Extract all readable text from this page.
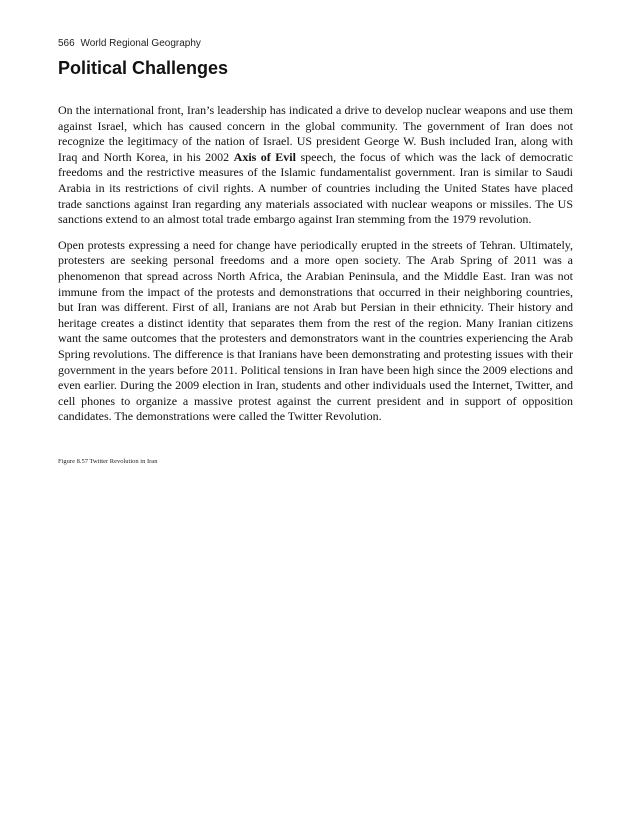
566 World Regional Geography
Political Challenges

On the international front, Iran’s leadership has indicated a drive to develop nuclear weapons and use them against Israel, which has caused concern in the global community. The government of Iran does not recognize the legitimacy of the nation of Israel. US president George W. Bush included Iran, along with Iraq and North Korea, in his 2002 Axis of Evil speech, the focus of which was the lack of democratic freedoms and the restrictive measures of the Islamic fundamentalist government. Iran is similar to Saudi Arabia in its restrictions of civil rights. A number of countries including the United States have placed trade sanctions against Iran regarding any materials associated with nuclear weapons or missiles. The US sanctions extend to an almost total trade embargo against Iran stemming from the 1979 revolution.

Open protests expressing a need for change have periodically erupted in the streets of Tehran. Ultimately, protesters are seeking personal freedoms and a more open society. The Arab Spring of 2011 was a phenomenon that spread across North Africa, the Arabian Peninsula, and the Middle East. Iran was not immune from the impact of the protests and demonstrations that occurred in their neighboring countries, but Iran was different. First of all, Iranians are not Arab but Persian in their ethnicity. Their history and heritage creates a distinct identity that separates them from the rest of the region. Many Iranian citizens want the same outcomes that the protesters and demonstrators want in the countries experiencing the Arab Spring revolutions. The difference is that Iranians have been demonstrating and protesting issues with their government in the years before 2011. Political tensions in Iran have been high since the 2009 elections and even earlier. During the 2009 election in Iran, students and other individuals used the Internet, Twitter, and cell phones to organize a massive protest against the current president and in support of opposition candidates. The demonstrations were called the Twitter Revolution.

Figure 8.57 Twitter Revolution in Iran
